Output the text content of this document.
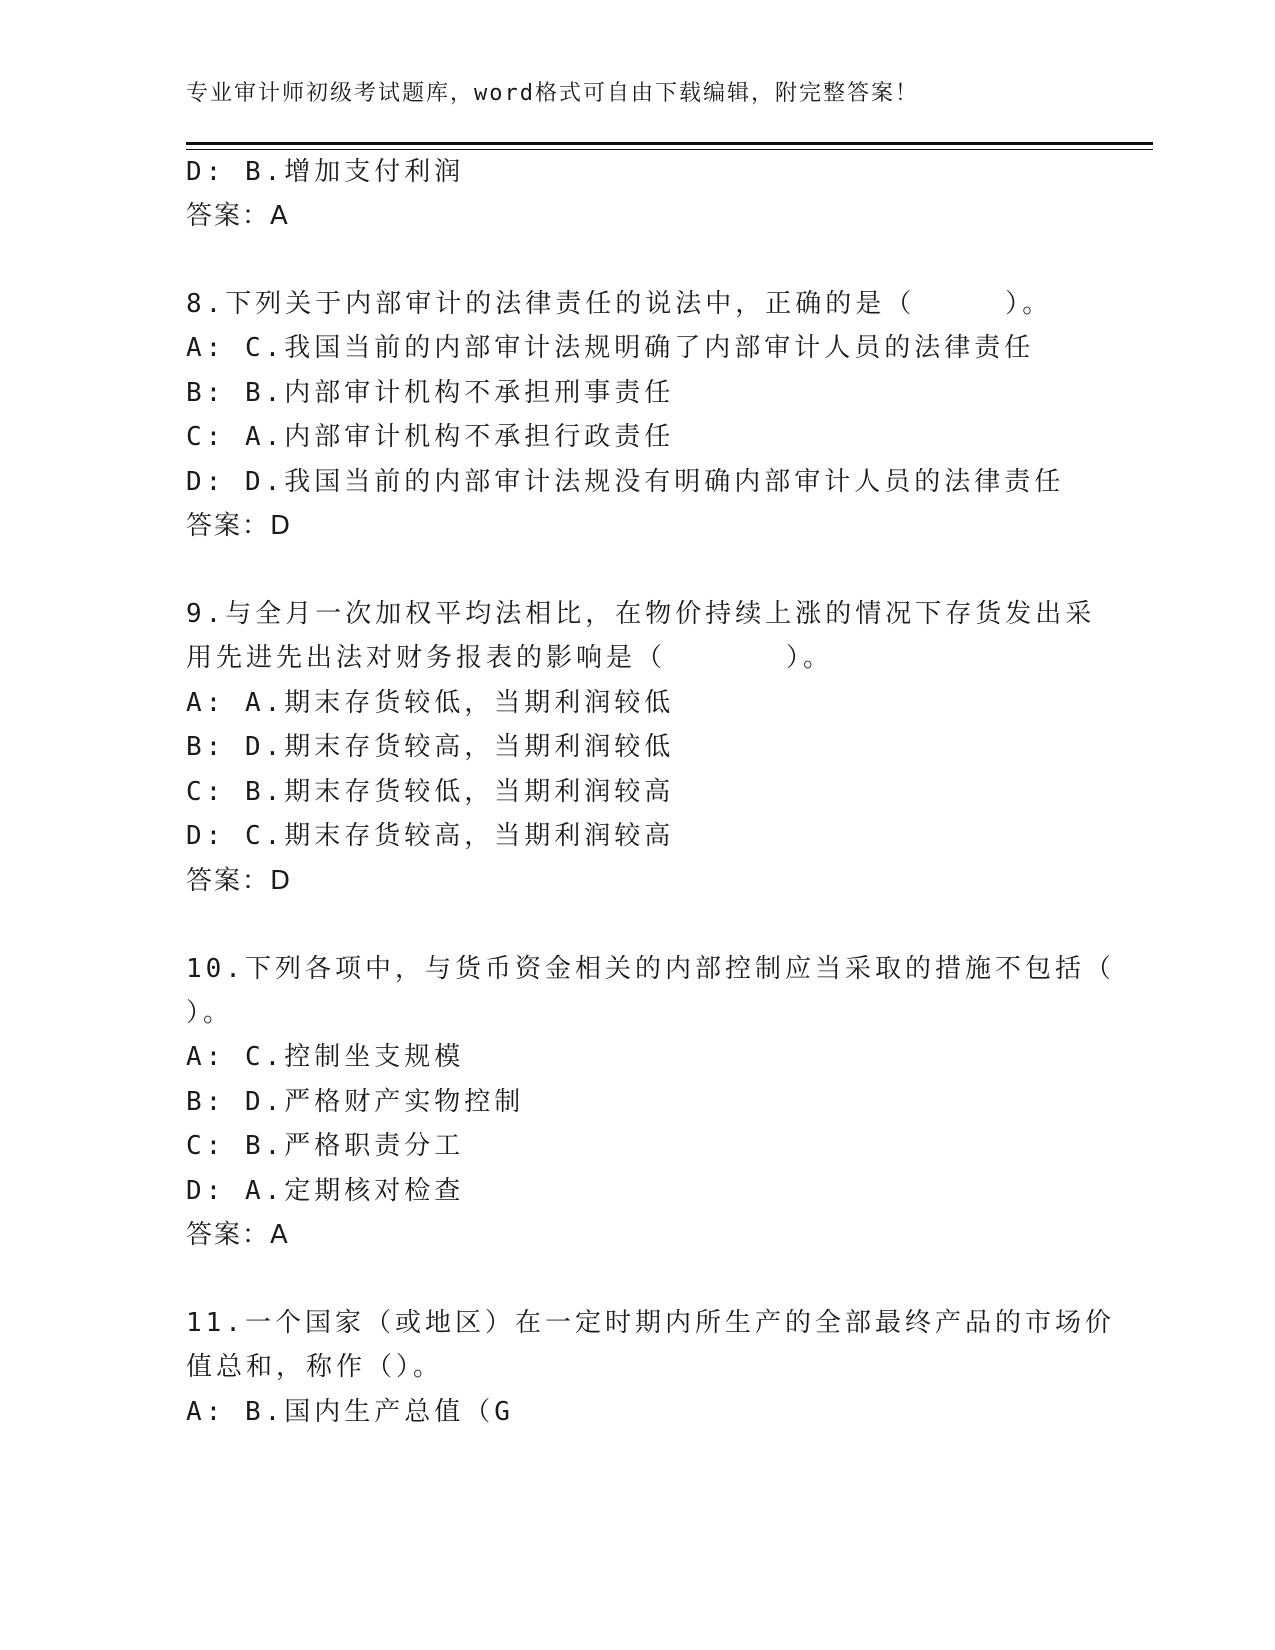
专业审计师初级考试题库，word格式可自由下载编辑，附完整答案！
D: B.增加支付利润
答案：A
8.下列关于内部审计的法律责任的说法中，正确的是（　　　）。
A: C.我国当前的内部审计法规明确了内部审计人员的法律责任
B: B.内部审计机构不承担刑事责任
C: A.内部审计机构不承担行政责任
D: D.我国当前的内部审计法规没有明确内部审计人员的法律责任
答案：D
9.与全月一次加权平均法相比，在物价持续上涨的情况下存货发出采
用先进先出法对财务报表的影响是（　　　　）。
A: A.期末存货较低，当期利润较低
B: D.期末存货较高，当期利润较低
C: B.期末存货较低，当期利润较高
D: C.期末存货较高，当期利润较高
答案：D
10.下列各项中，与货币资金相关的内部控制应当采取的措施不包括（
）。
A: C.控制坐支规模
B: D.严格财产实物控制
C: B.严格职责分工
D: A.定期核对检查
答案：A
11.一个国家（或地区）在一定时期内所生产的全部最终产品的市场价
值总和，称作（）。
A: B.国内生产总值（G
